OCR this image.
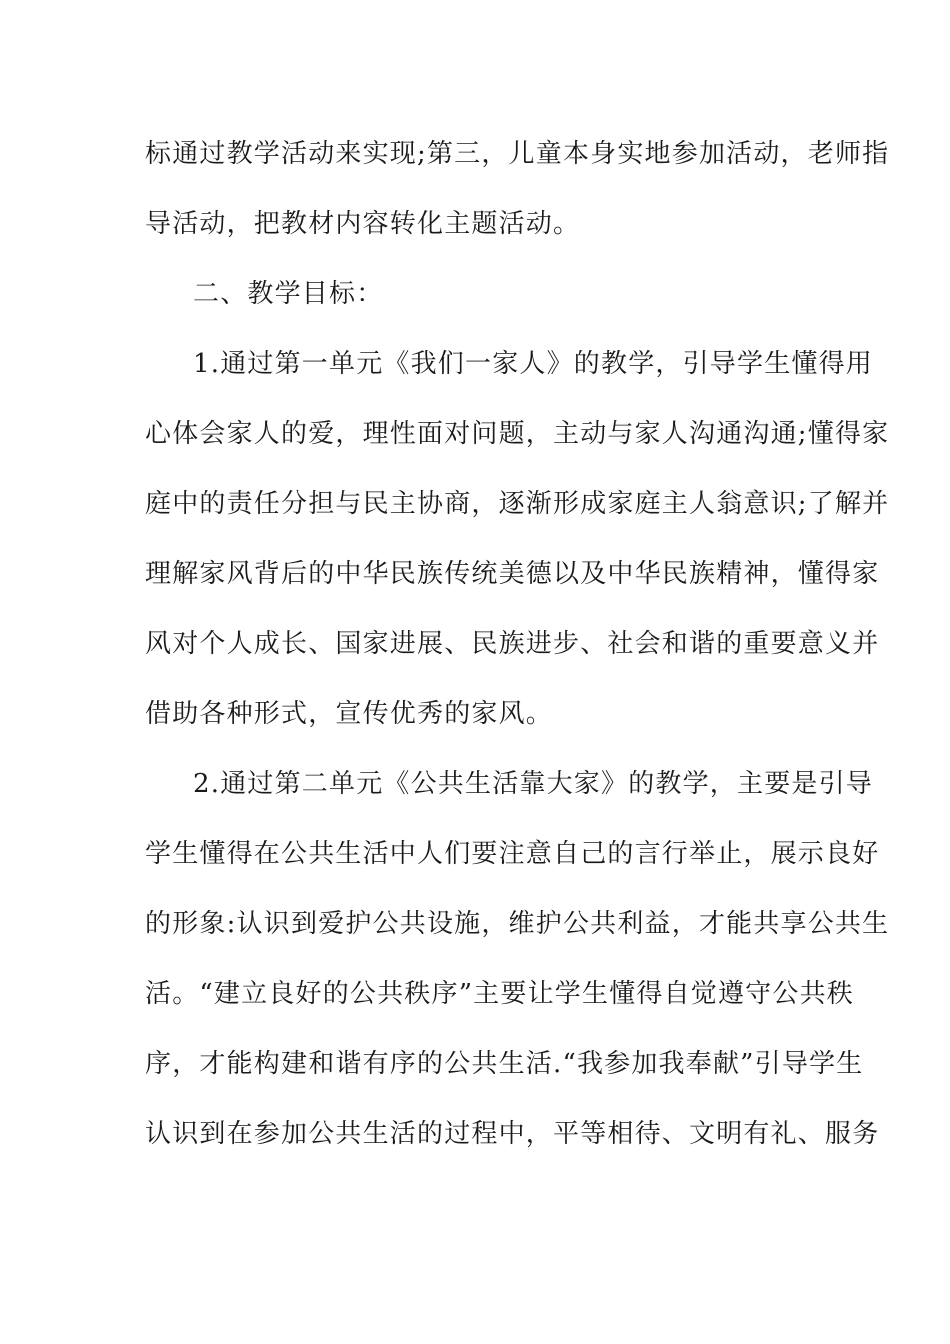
标通过教学活动来实现;第三，儿童本身实地参加活动，老师指
导活动，把教材内容转化主题活动。
二、教学目标：
1.通过第一单元《我们一家人》的教学，引导学生懂得用
心体会家人的爱，理性面对问题，主动与家人沟通沟通;懂得家
庭中的责任分担与民主协商，逐渐形成家庭主人翁意识;了解并
理解家风背后的中华民族传统美德以及中华民族精神，懂得家
风对个人成长、国家进展、民族进步、社会和谐的重要意义并
借助各种形式，宣传优秀的家风。
2.通过第二单元《公共生活靠大家》的教学，主要是引导
学生懂得在公共生活中人们要注意自己的言行举止，展示良好
的形象:认识到爱护公共设施，维护公共利益，才能共享公共生
活。“建立良好的公共秩序”主要让学生懂得自觉遵守公共秩
序，才能构建和谐有序的公共生活.“我参加我奉献”引导学生
认识到在参加公共生活的过程中，平等相待、文明有礼、服务
